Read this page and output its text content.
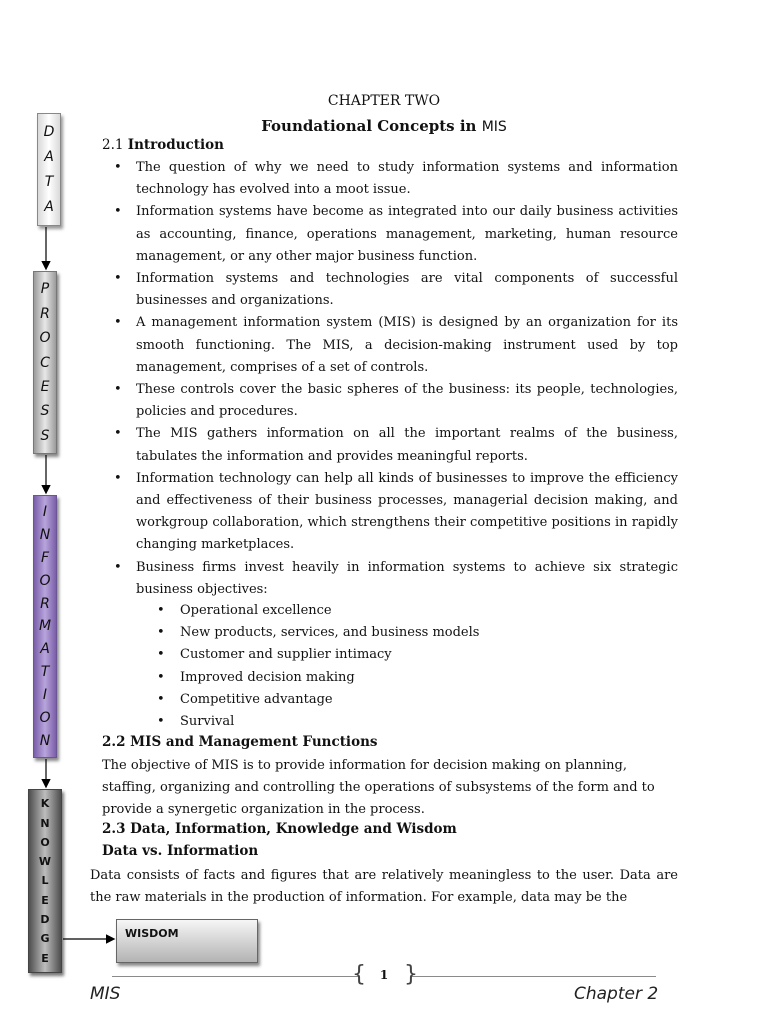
D
A
T
A
P
R
O
C
E
S
S
I
N
F
O
R
M
A
T
I
O
N
K
N
O
W
L
E
D
G
E
WISDOM
CHAPTER TWO
Foundational Concepts in MIS
2.1 Introduction
• The question of why we need to study information systems and information technology has evolved into a moot issue.
• Information systems have become as integrated into our daily business activities as accounting, finance, operations management, marketing, human resource management, or any other major business function.
• Information systems and technologies are vital components of successful businesses and organizations.
• A management information system (MIS) is designed by an organization for its smooth functioning. The MIS, a decision-making instrument used by top management, comprises of a set of controls.
• These controls cover the basic spheres of the business: its people, technologies, policies and procedures.
• The MIS gathers information on all the important realms of the business, tabulates the information and provides meaningful reports.
• Information technology can help all kinds of businesses to improve the efficiency and effectiveness of their business processes, managerial decision making, and workgroup collaboration, which strengthens their competitive positions in rapidly changing marketplaces.
• Business firms invest heavily in information systems to achieve six strategic business objectives:
• Operational excellence
• New products, services, and business models
• Customer and supplier intimacy
• Improved decision making
• Competitive advantage
• Survival
2.2 MIS and Management Functions
The objective of MIS is to provide information for decision making on planning, staffing, organizing and controlling the operations of subsystems of the form and to provide a synergetic organization in the process.
2.3 Data, Information, Knowledge and Wisdom
Data vs. Information
Data consists of facts and figures that are relatively meaningless to the user. Data are the raw materials in the production of information. For example, data may be the
{ }
1
MIS	Chapter 2
